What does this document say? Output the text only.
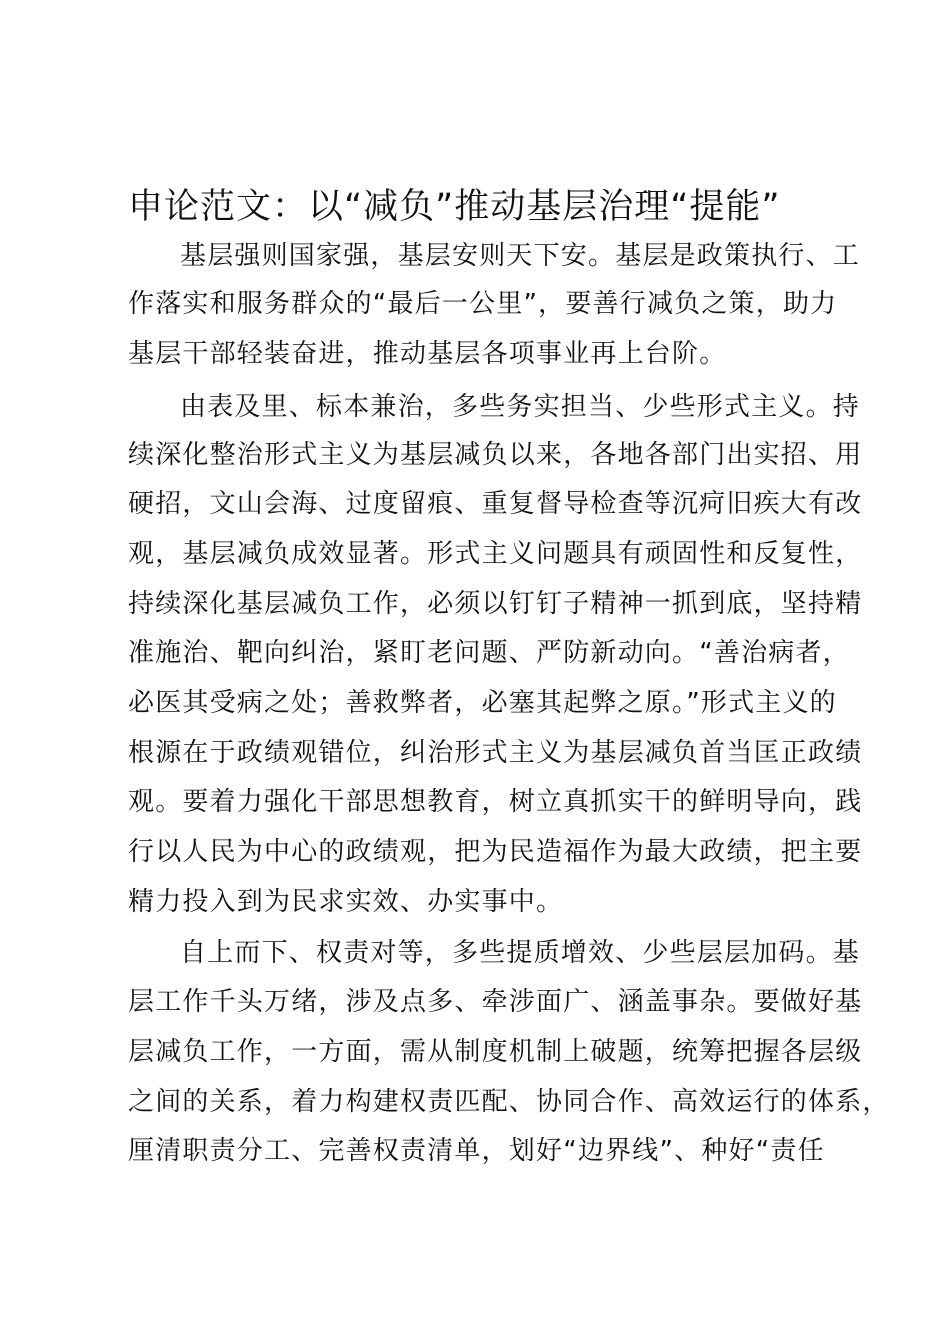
申论范文：以“减负”推动基层治理“提能”
基层强则国家强，基层安则天下安。基层是政策执行、工
作落实和服务群众的“最后一公里”，要善行减负之策，助力
基层干部轻装奋进，推动基层各项事业再上台阶。
由表及里、标本兼治，多些务实担当、少些形式主义。持
续深化整治形式主义为基层减负以来，各地各部门出实招、用
硬招，文山会海、过度留痕、重复督导检查等沉疴旧疾大有改
观，基层减负成效显著。形式主义问题具有顽固性和反复性，
持续深化基层减负工作，必须以钉钉子精神一抓到底，坚持精
准施治、靶向纠治，紧盯老问题、严防新动向。“善治病者，
必医其受病之处；善救弊者，必塞其起弊之原。”形式主义的
根源在于政绩观错位，纠治形式主义为基层减负首当匡正政绩
观。要着力强化干部思想教育，树立真抓实干的鲜明导向，践
行以人民为中心的政绩观，把为民造福作为最大政绩，把主要
精力投入到为民求实效、办实事中。
自上而下、权责对等，多些提质增效、少些层层加码。基
层工作千头万绪，涉及点多、牵涉面广、涵盖事杂。要做好基
层减负工作，一方面，需从制度机制上破题，统筹把握各层级
之间的关系，着力构建权责匹配、协同合作、高效运行的体系，
厘清职责分工、完善权责清单，划好“边界线”、种好“责任
